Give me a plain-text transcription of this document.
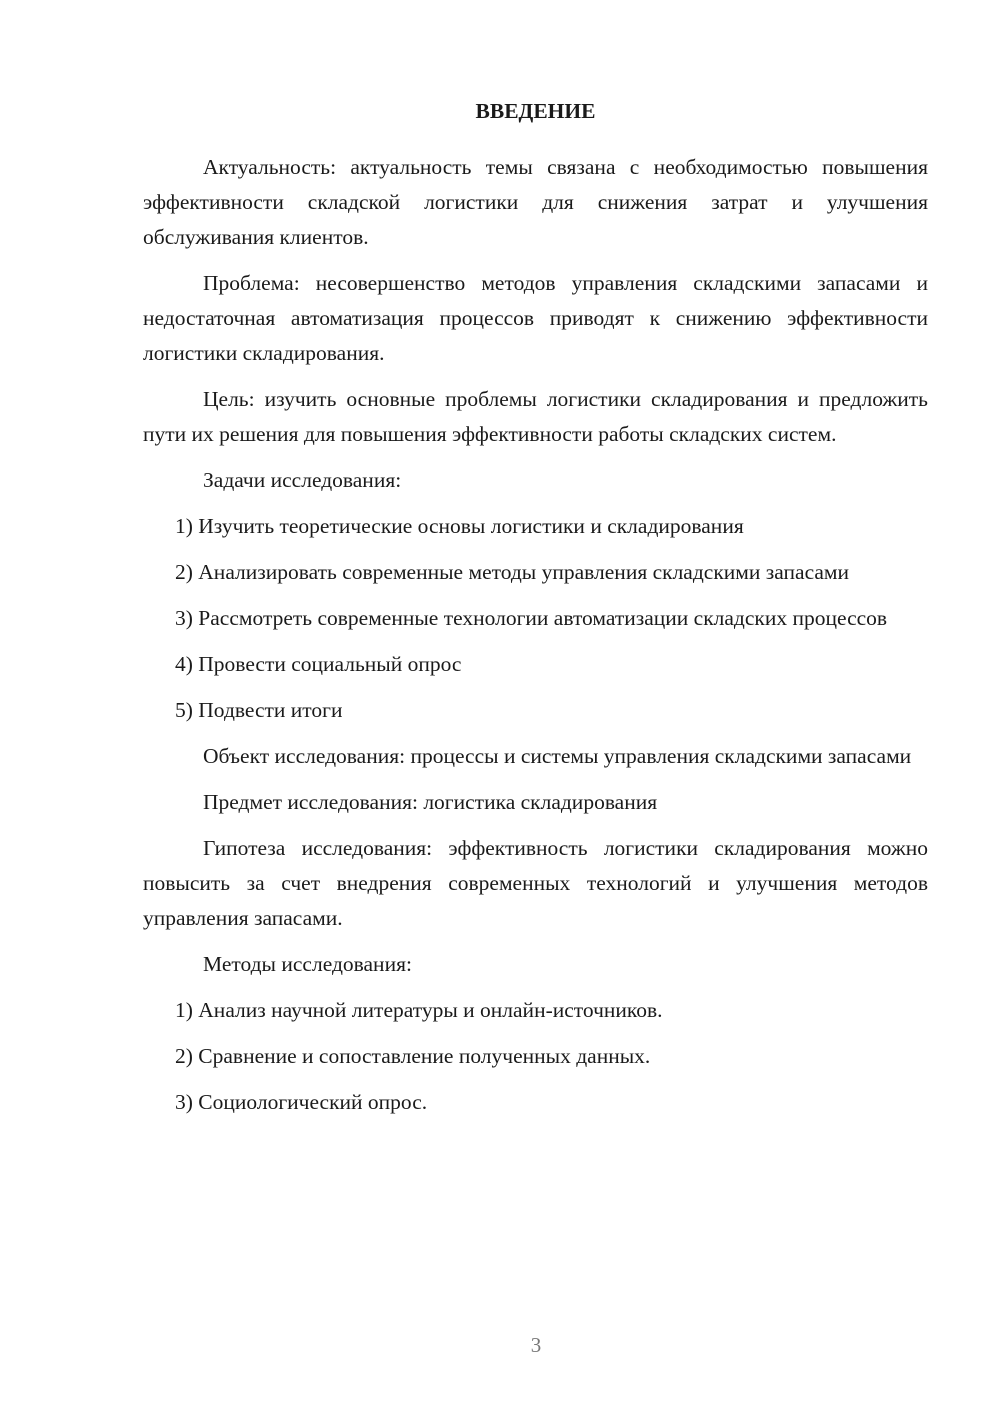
ВВЕДЕНИЕ

Актуальность: актуальность темы связана с необходимостью повышения эффективности складской логистики для снижения затрат и улучшения обслуживания клиентов.

Проблема: несовершенство методов управления складскими запасами и недостаточная автоматизация процессов приводят к снижению эффективности логистики складирования.

Цель: изучить основные проблемы логистики складирования и предложить пути их решения для повышения эффективности работы складских систем.

Задачи исследования:

1) Изучить теоретические основы логистики и складирования

2) Анализировать современные методы управления складскими запасами

3) Рассмотреть современные технологии автоматизации складских процессов

4) Провести социальный опрос

5) Подвести итоги

Объект исследования: процессы и системы управления складскими запасами

Предмет исследования: логистика складирования

Гипотеза исследования: эффективность логистики складирования можно повысить за счет внедрения современных технологий и улучшения методов управления запасами.

Методы исследования:

1) Анализ научной литературы и онлайн-источников.

2) Сравнение и сопоставление полученных данных.

3) Социологический опрос.

3
